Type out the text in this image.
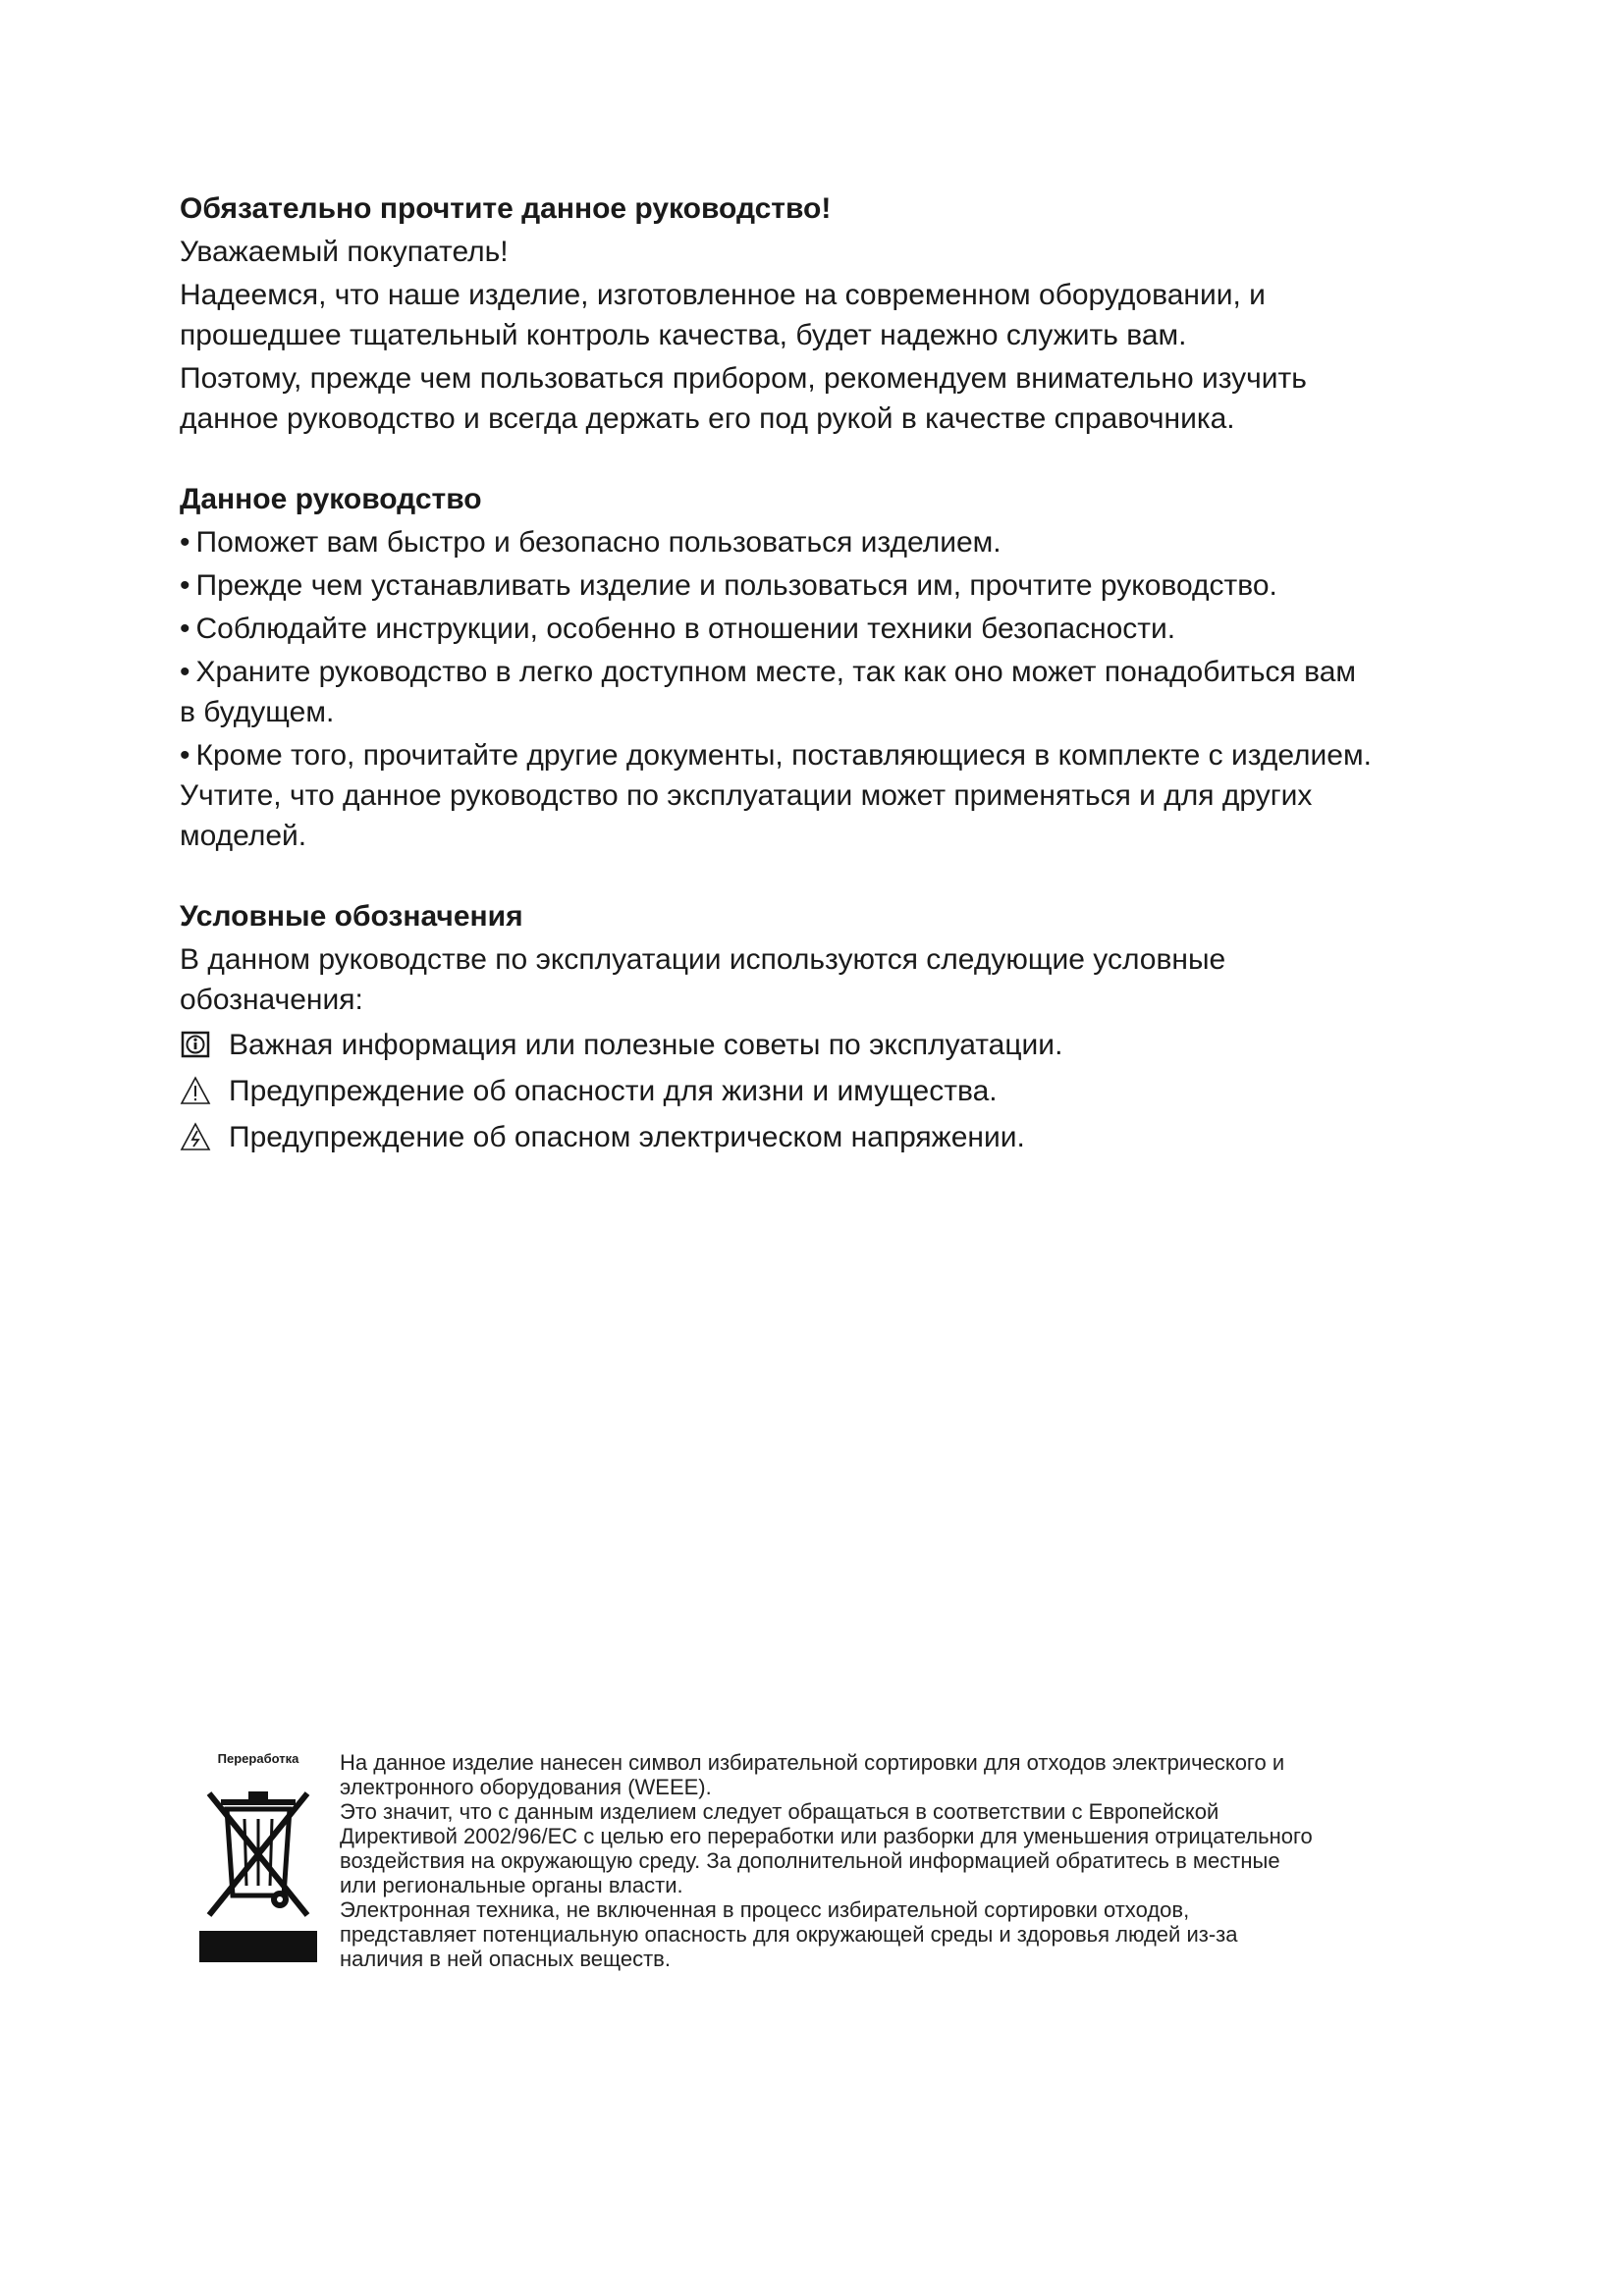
Обязательно прочтите данное руководство!

Уважаемый покупатель!

Надеемся, что наше изделие, изготовленное на современном оборудовании, и
прошедшее тщательный контроль качества, будет надежно служить вам.

Поэтому, прежде чем пользоваться прибором, рекомендуем внимательно изучить
данное руководство и всегда держать его под рукой в качестве справочника.

Данное руководство

• Поможет вам быстро и безопасно пользоваться изделием.

• Прежде чем устанавливать изделие и пользоваться им, прочтите руководство.

• Соблюдайте инструкции, особенно в отношении техники безопасности.

• Храните руководство в легко доступном месте, так как оно может понадобиться вам
в будущем.

• Кроме того, прочитайте другие документы, поставляющиеся в комплекте с изделием.
Учтите, что данное руководство по эксплуатации может применяться и для других
моделей.

Условные обозначения

В данном руководстве по эксплуатации используются следующие условные
обозначения:

Важная информация или полезные советы по эксплуатации.
Предупреждение об опасности для жизни и имущества.
Предупреждение об опасном электрическом напряжении.
Переработка	На данное изделие нанесен символ избирательной сортировки для отходов электрического и

электронного оборудования (WEEE).

Это значит, что с данным изделием следует обращаться в соответствии с Европейской

Директивой 2002/96/EC с целью его переработки или разборки для уменьшения отрицательного

воздействия на окружающую среду. За дополнительной информацией обратитесь в местные

или региональные органы власти.

Электронная техника, не включенная в процесс избирательной сортировки отходов,

представляет потенциальную опасность для окружающей среды и здоровья людей из-за

наличия в ней опасных веществ.
